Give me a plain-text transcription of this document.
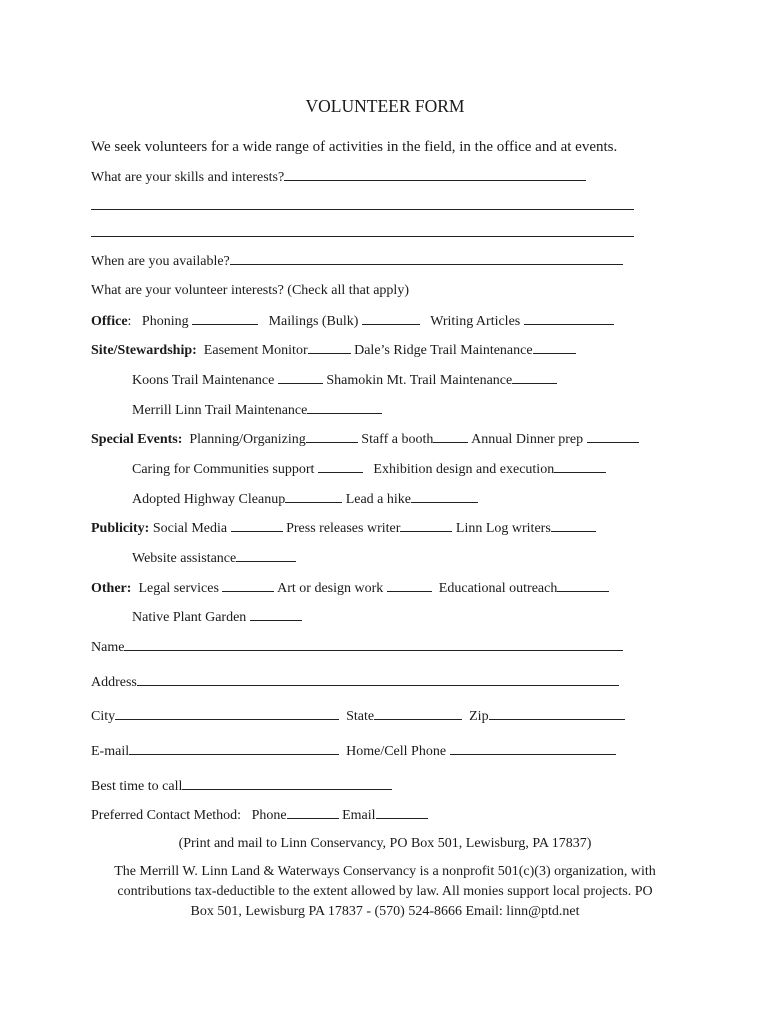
VOLUNTEER FORM
We seek volunteers for a wide range of activities in the field, in the office and at events.
What are your skills and interests?
When are you available?
What are your volunteer interests? (Check all that apply)
Office: Phoning	Mailings (Bulk)	Writing Articles
Site/Stewardship: Easement Monitor	Dale’s Ridge Trail Maintenance
Koons Trail Maintenance	Shamokin Mt. Trail Maintenance
Merrill Linn Trail Maintenance
Special Events: Planning/Organizing	Staff a booth	Annual Dinner prep
Caring for Communities support	Exhibition design and execution
Adopted Highway Cleanup	Lead a hike
Publicity: Social Media	Press releases writer	Linn Log writers
Website assistance
Other: Legal services	Art or design work	Educational outreach
Native Plant Garden
Name
Address
City	State	Zip
E-mail	Home/Cell Phone
Best time to call
Preferred Contact Method: Phone	Email
(Print and mail to Linn Conservancy, PO Box 501, Lewisburg, PA 17837)
The Merrill W. Linn Land & Waterways Conservancy is a nonprofit 501(c)(3) organization, with
contributions tax-deductible to the extent allowed by law. All monies support local projects. PO
Box 501, Lewisburg PA 17837 - (570) 524-8666 Email: linn@ptd.net
